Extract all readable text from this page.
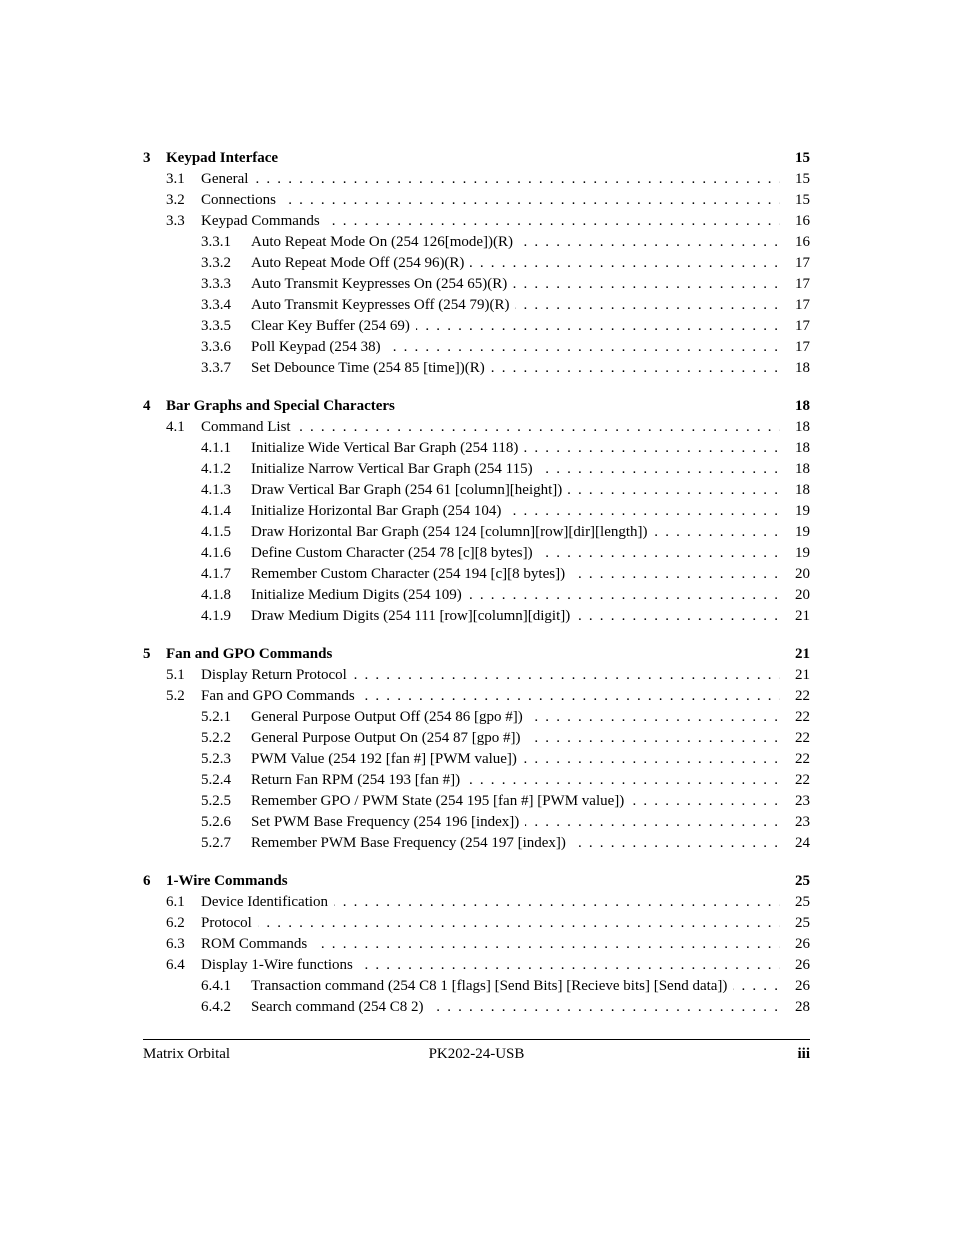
3 Keypad Interface	15
3.1 . . . General	15
3.2 . . . Connections	15
3.3 . . . Keypad Commands	16
3.3.1 . . . Auto Repeat Mode On (254 126[mode])(R)	16
3.3.2 . . . Auto Repeat Mode Off (254 96)(R)	17
3.3.3 . . . Auto Transmit Keypresses On (254 65)(R)	17
3.3.4 . . . Auto Transmit Keypresses Off (254 79)(R)	17
3.3.5 . . . Clear Key Buffer (254 69)	17
3.3.6 . . . Poll Keypad (254 38)	17
3.3.7 . . . Set Debounce Time (254 85 [time])(R)	18
4 Bar Graphs and Special Characters	18
4.1 . . . Command List	18
4.1.1 . . . Initialize Wide Vertical Bar Graph (254 118)	18
4.1.2 . . . Initialize Narrow Vertical Bar Graph (254 115)	18
4.1.3 . . . Draw Vertical Bar Graph (254 61 [column][height])	18
4.1.4 . . . Initialize Horizontal Bar Graph (254 104)	19
4.1.5 . . . Draw Horizontal Bar Graph (254 124 [column][row][dir][length])	19
4.1.6 . . . Define Custom Character (254 78 [c][8 bytes])	19
4.1.7 . . . Remember Custom Character (254 194 [c][8 bytes])	20
4.1.8 . . . Initialize Medium Digits (254 109)	20
4.1.9 . . . Draw Medium Digits (254 111 [row][column][digit])	21
5 Fan and GPO Commands	21
5.1 . . . Display Return Protocol	21
5.2 . . . Fan and GPO Commands	22
5.2.1 . . . General Purpose Output Off (254 86 [gpo #])	22
5.2.2 . . . General Purpose Output On (254 87 [gpo #])	22
5.2.3 . . . PWM Value (254 192 [fan #] [PWM value])	22
5.2.4 . . . Return Fan RPM (254 193 [fan #])	22
5.2.5 . . . Remember GPO / PWM State (254 195 [fan #] [PWM value])	23
5.2.6 . . . Set PWM Base Frequency (254 196 [index])	23
5.2.7 . . . Remember PWM Base Frequency (254 197 [index])	24
6 1-Wire Commands	25
6.1 . . . Device Identification	25
6.2 . . . Protocol	25
6.3 . . . ROM Commands	26
6.4 . . . Display 1-Wire functions	26
6.4.1 . . . Transaction command (254 C8 1 [flags] [Send Bits] [Recieve bits] [Send data])	26
6.4.2 . . . Search command (254 C8 2)	28
Matrix Orbital	PK202-24-USB	iii
